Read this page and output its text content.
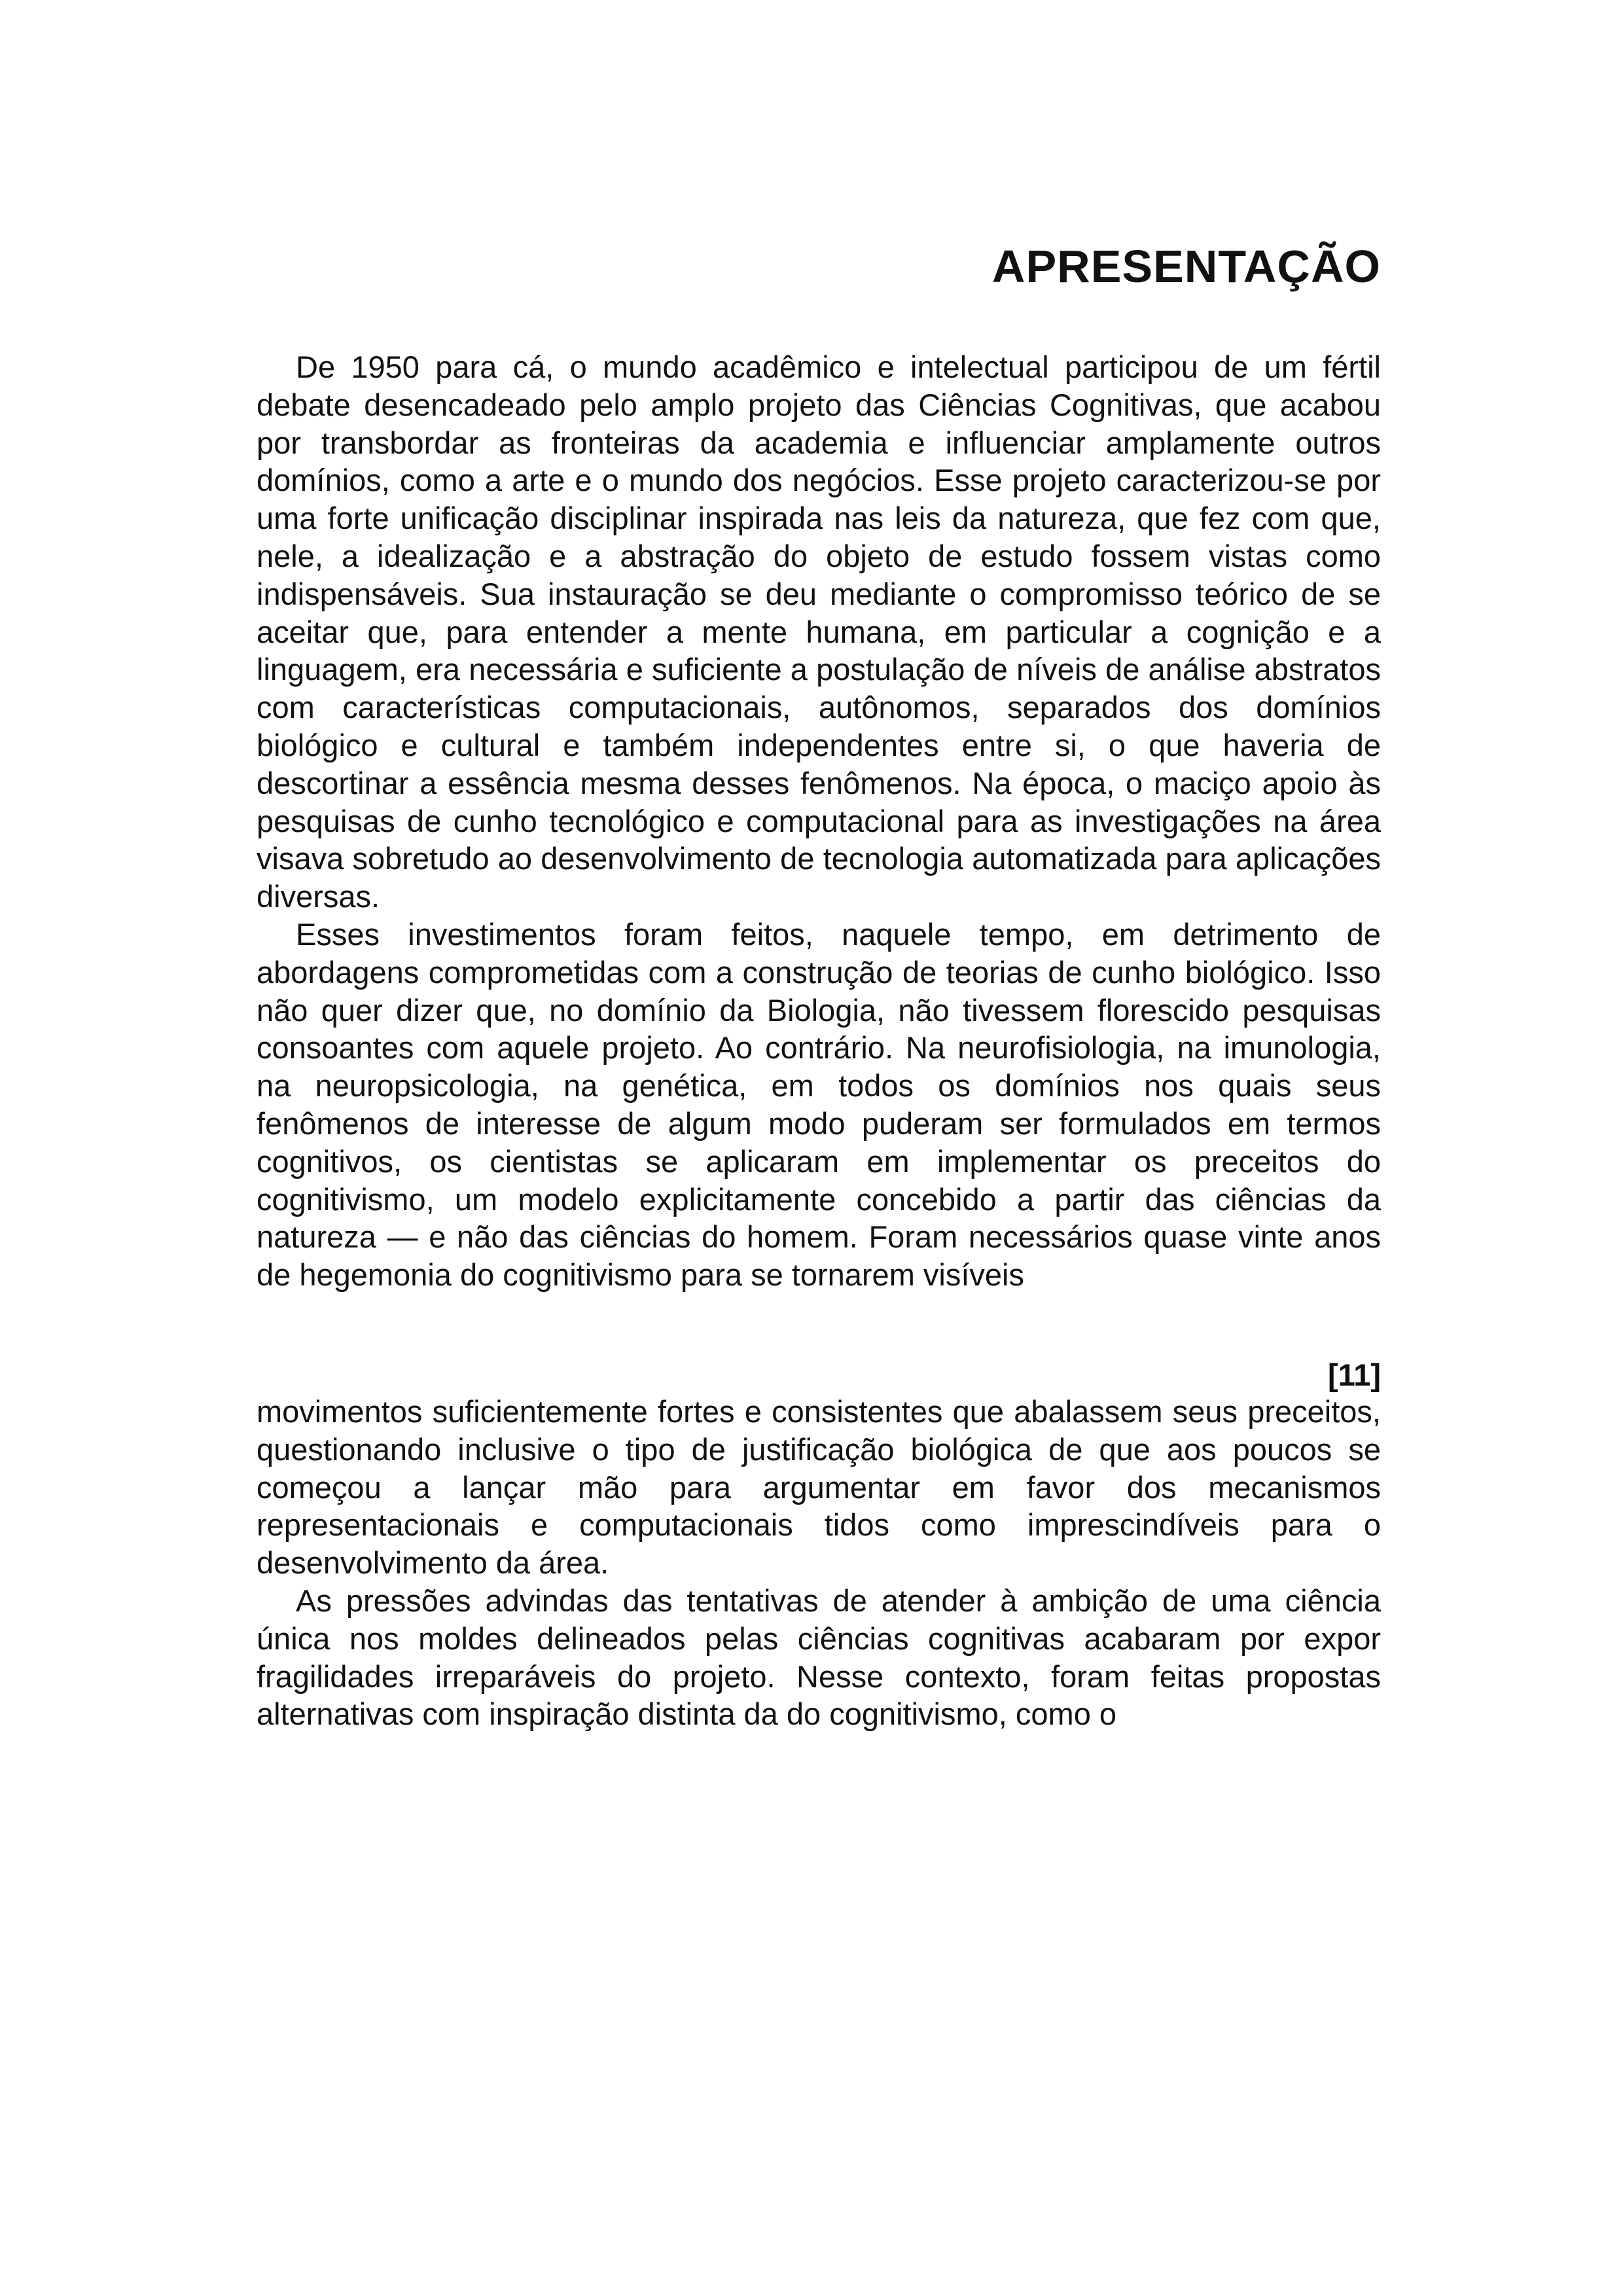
APRESENTAÇÃO

De 1950 para cá, o mundo acadêmico e intelectual participou de um fértil debate desencadeado pelo amplo projeto das Ciências Cognitivas, que acabou por transbordar as fronteiras da academia e influenciar amplamente outros domínios, como a arte e o mundo dos negócios. Esse projeto caracterizou-se por uma forte unificação disciplinar inspirada nas leis da natureza, que fez com que, nele, a idealização e a abstração do objeto de estudo fossem vistas como indispensáveis. Sua instauração se deu mediante o compromisso teórico de se aceitar que, para entender a mente humana, em particular a cognição e a linguagem, era necessária e suficiente a postulação de níveis de análise abstratos com características computacionais, autônomos, separados dos domínios biológico e cultural e também independentes entre si, o que haveria de descortinar a essência mesma desses fenômenos. Na época, o maciço apoio às pesquisas de cunho tecnológico e computacional para as investigações na área visava sobretudo ao desenvolvimento de tecnologia automatizada para aplicações diversas.

Esses investimentos foram feitos, naquele tempo, em detrimento de abordagens comprometidas com a construção de teorias de cunho biológico. Isso não quer dizer que, no domínio da Biologia, não tivessem florescido pesquisas consoantes com aquele projeto. Ao contrário. Na neurofisiologia, na imunologia, na neuropsicologia, na genética, em todos os domínios nos quais seus fenômenos de interesse de algum modo puderam ser formulados em termos cognitivos, os cientistas se aplicaram em implementar os preceitos do cognitivismo, um modelo explicitamente concebido a partir das ciências da natureza — e não das ciências do homem. Foram necessários quase vinte anos de hegemonia do cognitivismo para se tornarem visíveis

[11]

movimentos suficientemente fortes e consistentes que abalassem seus preceitos, questionando inclusive o tipo de justificação biológica de que aos poucos se começou a lançar mão para argumentar em favor dos mecanismos representacionais e computacionais tidos como imprescindíveis para o desenvolvimento da área.

As pressões advindas das tentativas de atender à ambição de uma ciência única nos moldes delineados pelas ciências cognitivas acabaram por expor fragilidades irreparáveis do projeto. Nesse contexto, foram feitas propostas alternativas com inspiração distinta da do cognitivismo, como o
